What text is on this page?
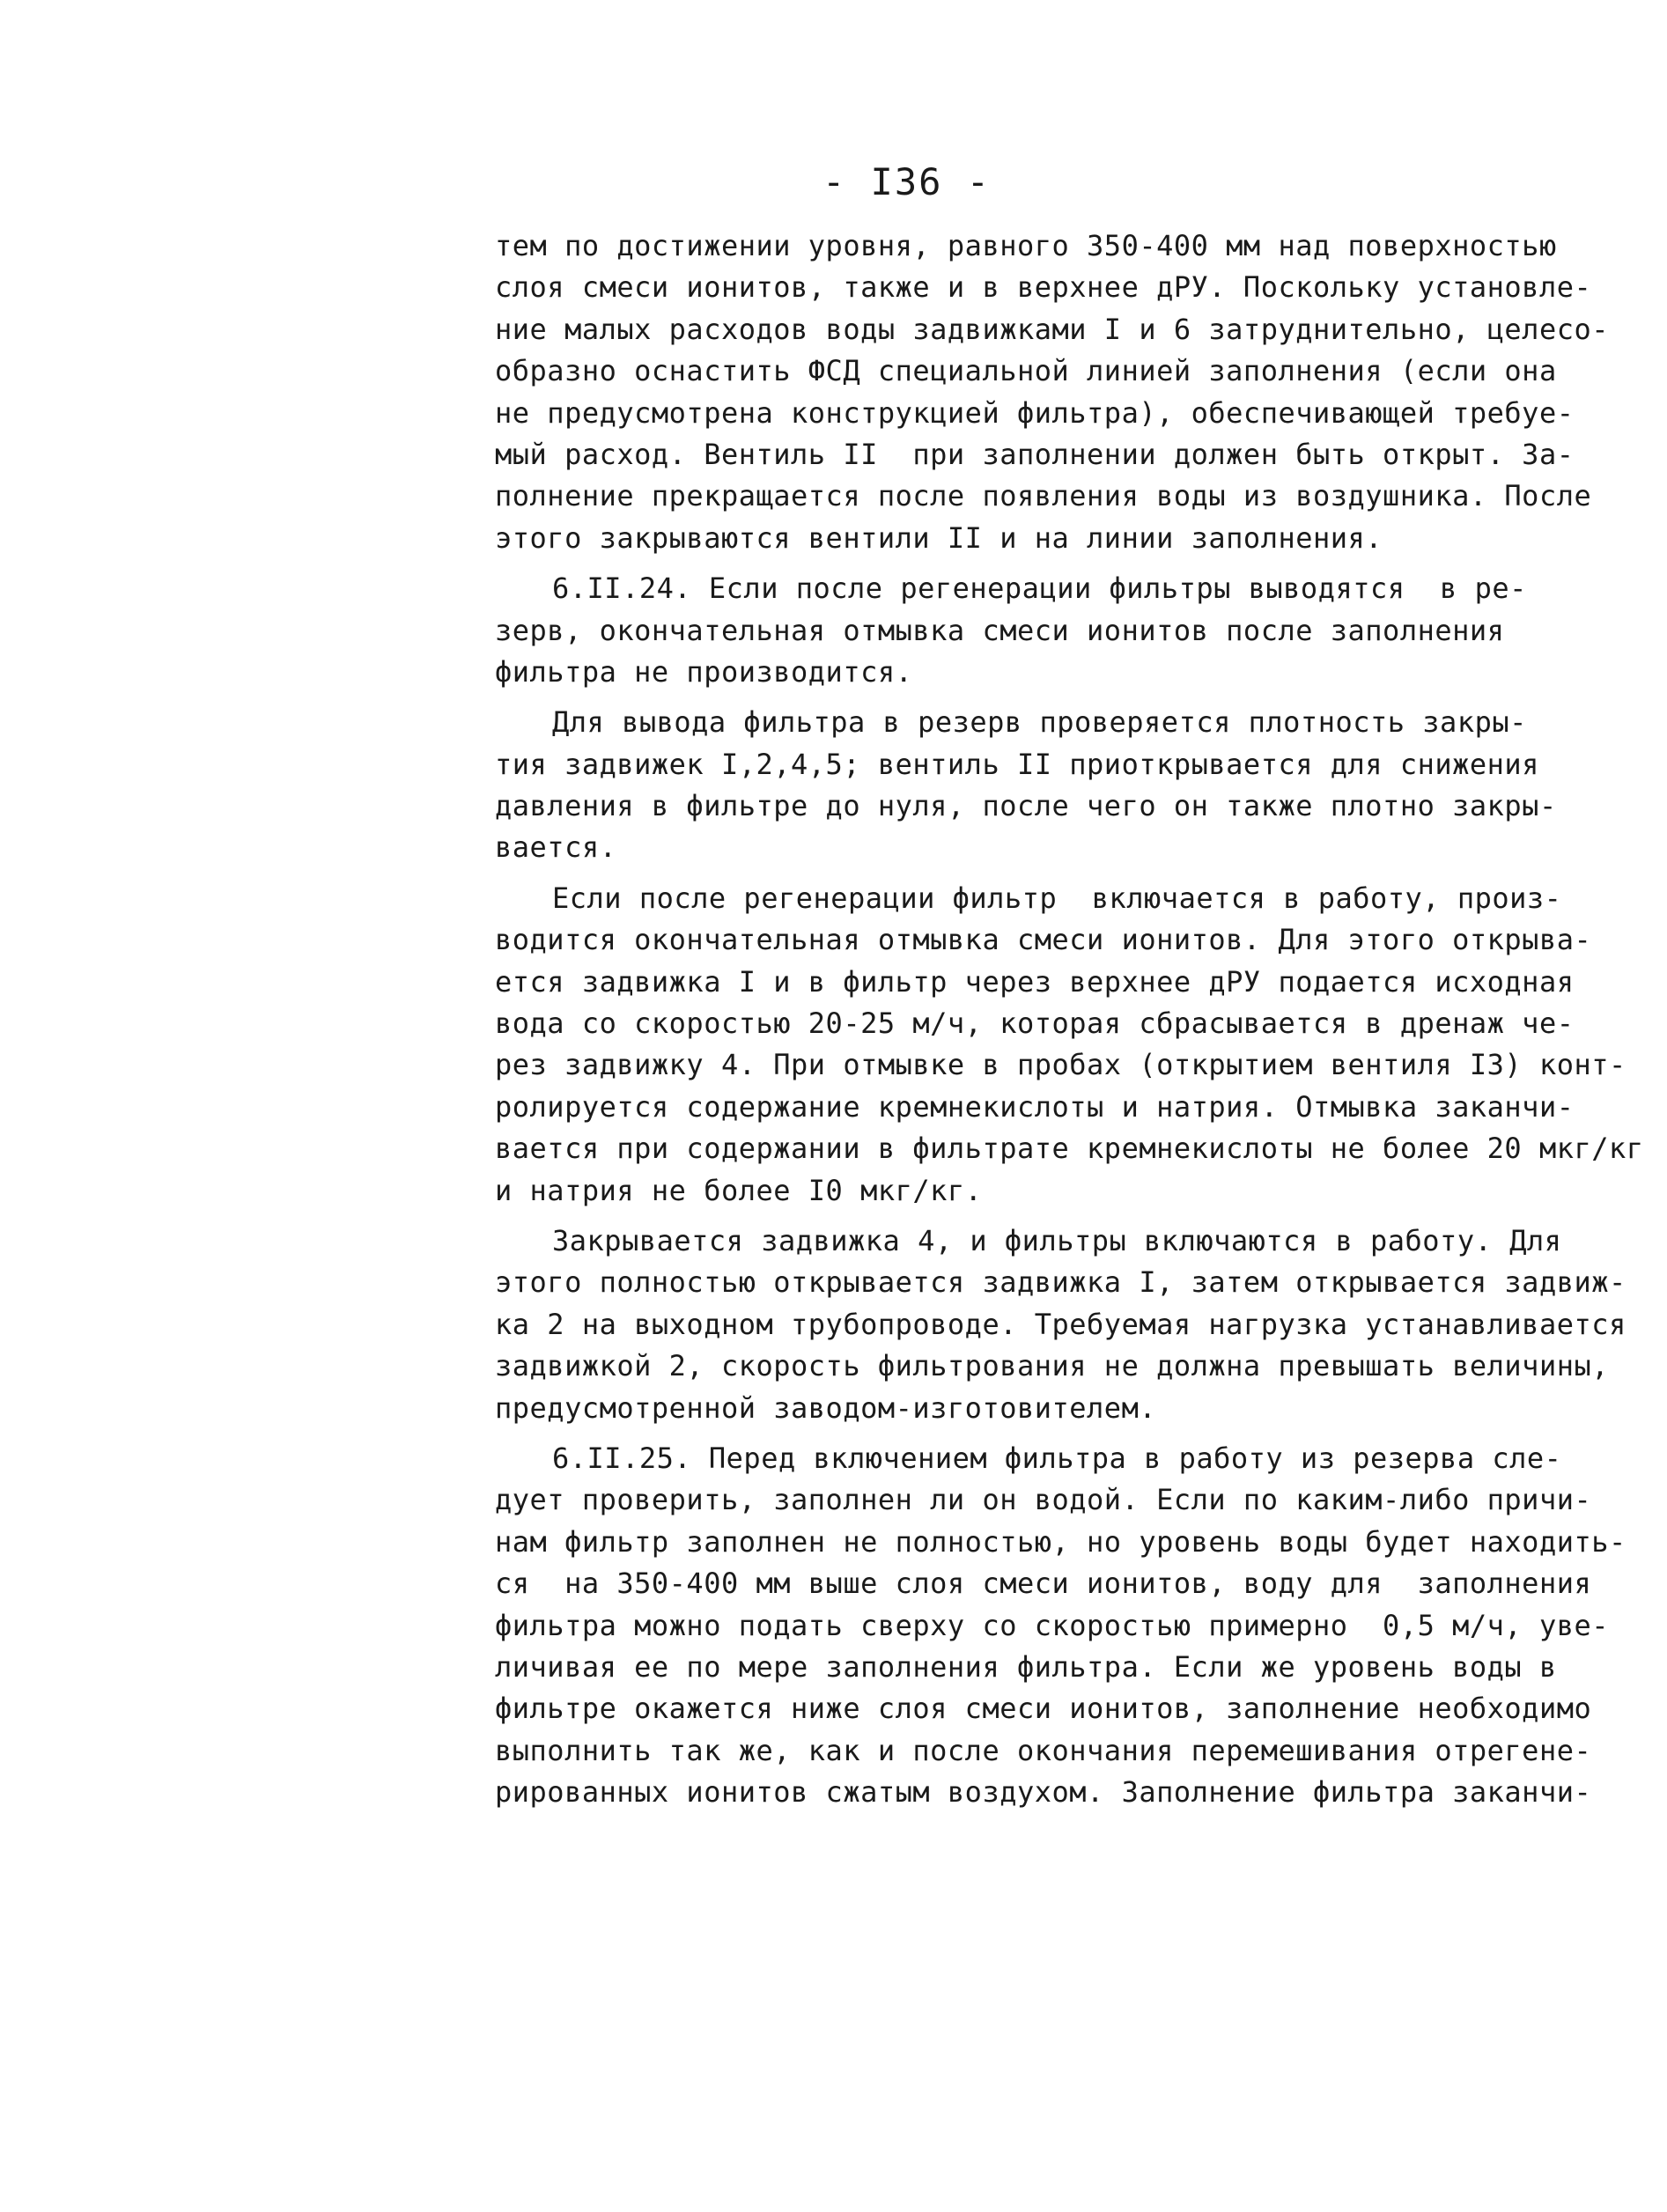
- I36 -
тем по достижении уровня, равного 350-400 мм над поверхностью
слоя смеси ионитов, также и в верхнее дРУ. Поскольку установле-
ние малых расходов воды задвижками I и 6 затруднительно, целесо-
образно оснастить ФСД специальной линией заполнения (если она
не предусмотрена конструкцией фильтра), обеспечивающей требуе-
мый расход. Вентиль II  при заполнении должен быть открыт. За-
полнение прекращается после появления воды из воздушника. После
этого закрываются вентили II и на линии заполнения.
6.II.24. Если после регенерации фильтры выводятся  в ре-
зерв, окончательная отмывка смеси ионитов после заполнения
фильтра не производится.
Для вывода фильтра в резерв проверяется плотность закры-
тия задвижек I,2,4,5; вентиль II приоткрывается для снижения
давления в фильтре до нуля, после чего он также плотно закры-
вается.
Если после регенерации фильтр  включается в работу, произ-
водится окончательная отмывка смеси ионитов. Для этого открыва-
ется задвижка I и в фильтр через верхнее дРУ подается исходная
вода со скоростью 20-25 м/ч, которая сбрасывается в дренаж че-
рез задвижку 4. При отмывке в пробах (открытием вентиля I3) конт-
ролируется содержание кремнекислоты и натрия. Отмывка заканчи-
вается при содержании в фильтрате кремнекислоты не более 20 мкг/кг
и натрия не более I0 мкг/кг.
Закрывается задвижка 4, и фильтры включаются в работу. Для
этого полностью открывается задвижка I, затем открывается задвиж-
ка 2 на выходном трубопроводе. Требуемая нагрузка устанавливается
задвижкой 2, скорость фильтрования не должна превышать величины,
предусмотренной заводом-изготовителем.
6.II.25. Перед включением фильтра в работу из резерва сле-
дует проверить, заполнен ли он водой. Если по каким-либо причи-
нам фильтр заполнен не полностью, но уровень воды будет находить-
ся  на 350-400 мм выше слоя смеси ионитов, воду для  заполнения
фильтра можно подать сверху со скоростью примерно  0,5 м/ч, уве-
личивая ее по мере заполнения фильтра. Если же уровень воды в
фильтре окажется ниже слоя смеси ионитов, заполнение необходимо
выполнить так же, как и после окончания перемешивания отрегене-
рированных ионитов сжатым воздухом. Заполнение фильтра заканчи-
